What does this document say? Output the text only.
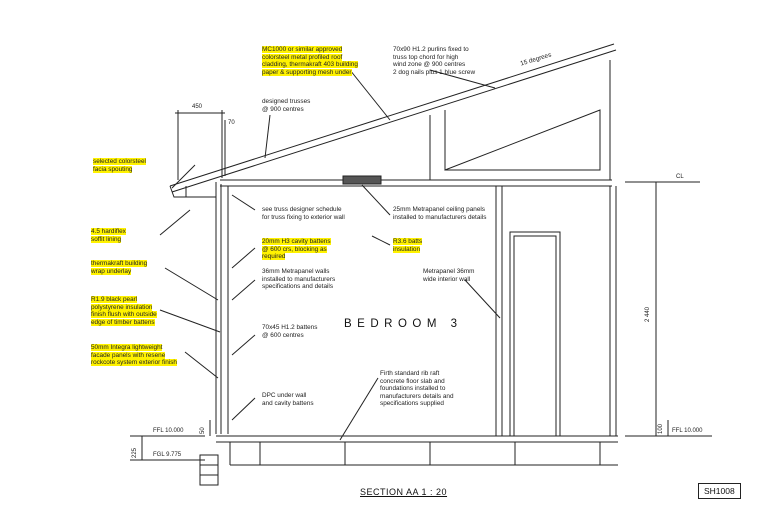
MC1000 or similar approved
colorsteel metal profiled roof
cladding, thermakraft 403 building
paper & supporting mesh under
70x90 H1.2 purlins fixed to
truss top chord for high
wind zone @ 900 centres
2 dog nails plus 1 blue screw
15 degrees
designed trusses
@ 900 centres
selected colorsteel
facia spouting
see truss designer schedule
for truss fixing to exterior wall
25mm Metrapanel ceiling panels
installed to manufacturers details
4.5 hardiflex
soffit lining	20mm H3 cavity battens
@ 600 crs, blocking as
required
R3.6 batts
insulation
thermakraft building
wrap underlay	36mm Metrapanel walls
installed to manufacturers
specifications and details
Metrapanel 36mm
wide interior wall
R1.9 black pearl
polystyrene insulation
finish flush with outside
edge of timber battens
70x45 H1.2 battens
@ 600 centres
50mm Integra lightweight
facade panels with resene
rockcote system exterior finish
DPC under wall
and cavity battens
Firth standard rib raft
concrete floor slab and
foundations installed to
manufacturers details and
specifications supplied
450
70
FFL 10.000
FGL 9.775
225
50	FFL 10.000
100
2 440
CL
BEDROOM 3
SECTION AA 1 : 20	SH1008
